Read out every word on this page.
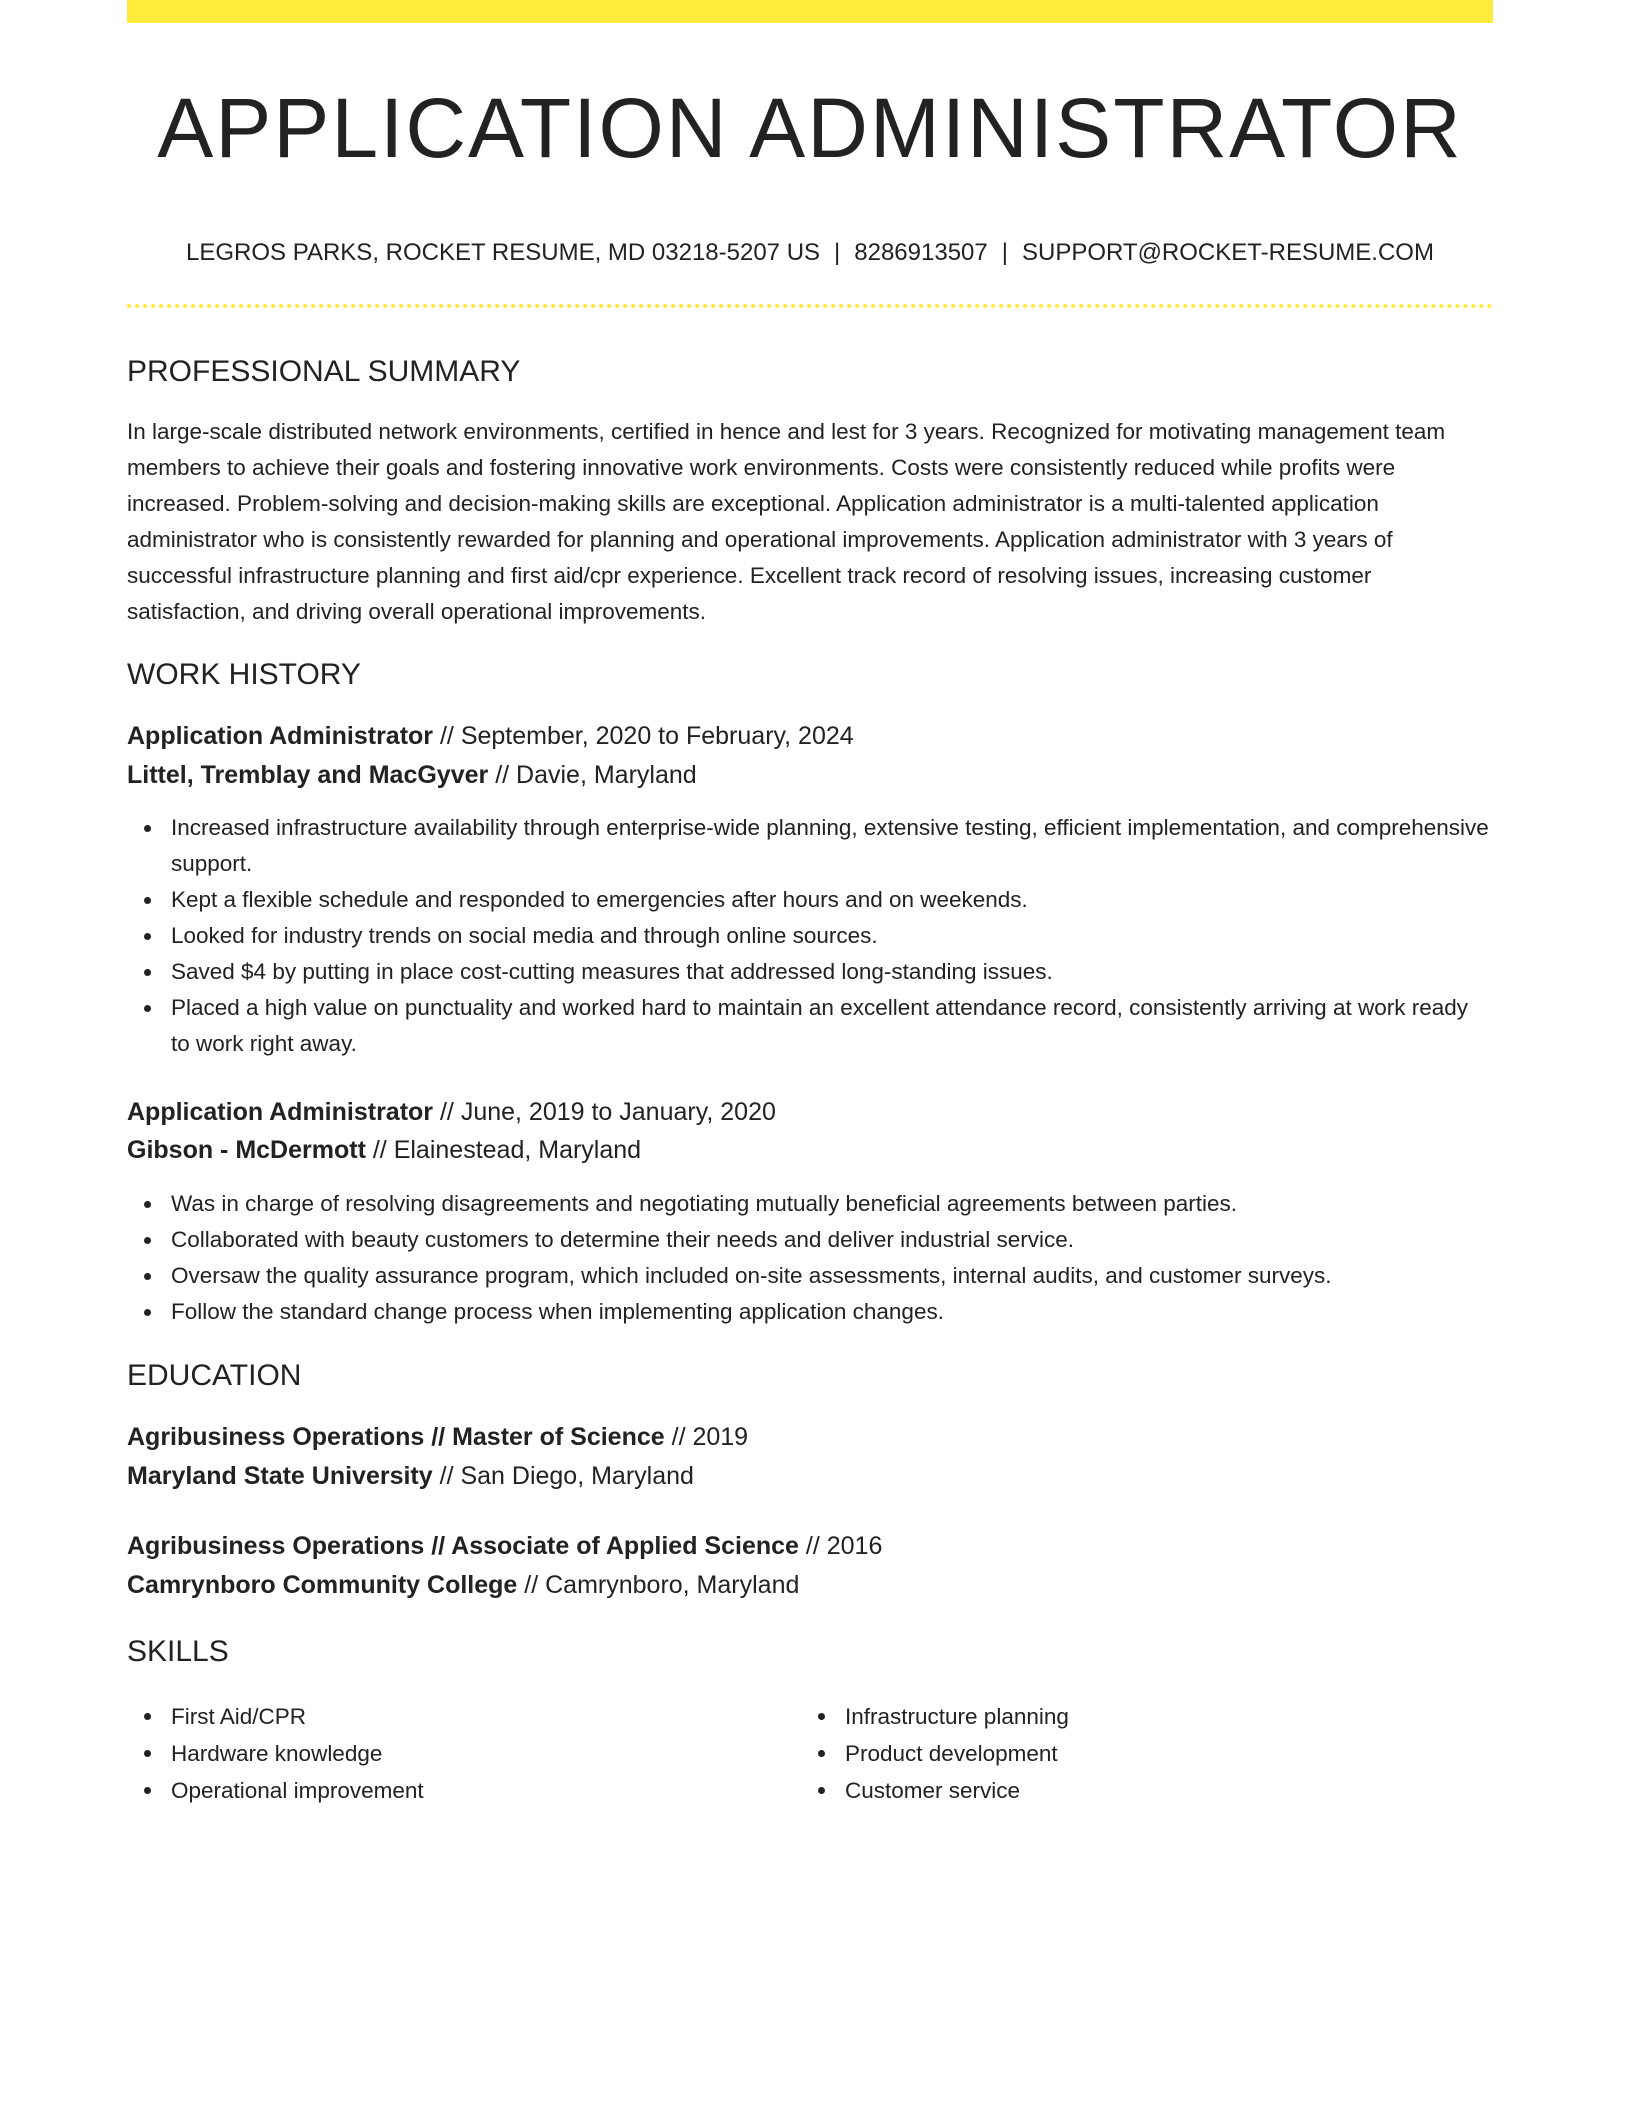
APPLICATION ADMINISTRATOR
LEGROS PARKS, ROCKET RESUME, MD 03218-5207 US | 8286913507 | SUPPORT@ROCKET-RESUME.COM
PROFESSIONAL SUMMARY

In large-scale distributed network environments, certified in hence and lest for 3 years. Recognized for motivating management team members to achieve their goals and fostering innovative work environments. Costs were consistently reduced while profits were increased. Problem-solving and decision-making skills are exceptional. Application administrator is a multi-talented application administrator who is consistently rewarded for planning and operational improvements. Application administrator with 3 years of successful infrastructure planning and first aid/cpr experience. Excellent track record of resolving issues, increasing customer satisfaction, and driving overall operational improvements.

WORK HISTORY
Application Administrator // September, 2020 to February, 2024
Littel, Tremblay and MacGyver // Davie, Maryland
Increased infrastructure availability through enterprise-wide planning, extensive testing, efficient implementation, and comprehensive support.
Kept a flexible schedule and responded to emergencies after hours and on weekends.
Looked for industry trends on social media and through online sources.
Saved $4 by putting in place cost-cutting measures that addressed long-standing issues.
Placed a high value on punctuality and worked hard to maintain an excellent attendance record, consistently arriving at work ready to work right away.
Application Administrator // June, 2019 to January, 2020
Gibson - McDermott // Elainestead, Maryland
Was in charge of resolving disagreements and negotiating mutually beneficial agreements between parties.
Collaborated with beauty customers to determine their needs and deliver industrial service.
Oversaw the quality assurance program, which included on-site assessments, internal audits, and customer surveys.
Follow the standard change process when implementing application changes.
EDUCATION
Agribusiness Operations // Master of Science // 2019
Maryland State University // San Diego, Maryland
Agribusiness Operations // Associate of Applied Science // 2016
Camrynboro Community College // Camrynboro, Maryland
SKILLS
First Aid/CPR
Hardware knowledge
Operational improvement
Infrastructure planning
Product development
Customer service
